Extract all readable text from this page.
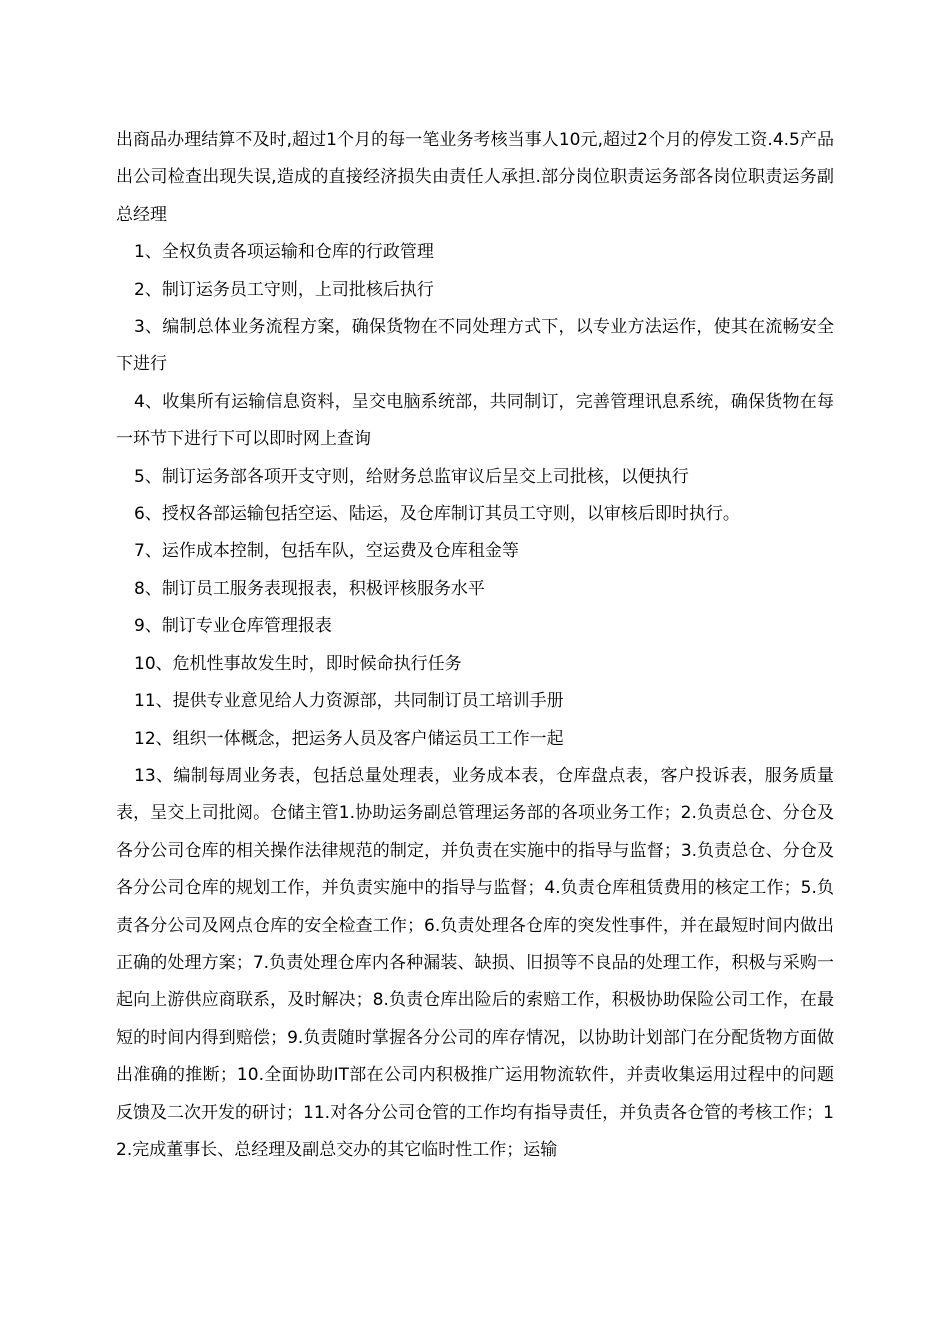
出商品办理结算不及时,超过1个月的每一笔业务考核当事人10元,超过2个月的停发工资.4.5产品出公司检查出现失误,造成的直接经济损失由责任人承担.部分岗位职责运务部各岗位职责运务副总经理

1、全权负责各项运输和仓库的行政管理

2、制订运务员工守则，上司批核后执行

3、编制总体业务流程方案，确保货物在不同处理方式下，以专业方法运作，使其在流畅安全下进行

4、收集所有运输信息资料，呈交电脑系统部，共同制订，完善管理讯息系统，确保货物在每一环节下进行下可以即时网上查询

5、制订运务部各项开支守则，给财务总监审议后呈交上司批核，以便执行

6、授权各部运输包括空运、陆运，及仓库制订其员工守则，以审核后即时执行。

7、运作成本控制，包括车队，空运费及仓库租金等

8、制订员工服务表现报表，积极评核服务水平

9、制订专业仓库管理报表

10、危机性事故发生时，即时候命执行任务

11、提供专业意见给人力资源部，共同制订员工培训手册

12、组织一体概念，把运务人员及客户储运员工工作一起

13、编制每周业务表，包括总量处理表，业务成本表，仓库盘点表，客户投诉表，服务质量表，呈交上司批阅。仓储主管1.协助运务副总管理运务部的各项业务工作；2.负责总仓、分仓及各分公司仓库的相关操作法律规范的制定，并负责在实施中的指导与监督；3.负责总仓、分仓及各分公司仓库的规划工作，并负责实施中的指导与监督；4.负责仓库租赁费用的核定工作；5.负责各分公司及网点仓库的安全检查工作；6.负责处理各仓库的突发性事件，并在最短时间内做出正确的处理方案；7.负责处理仓库内各种漏装、缺损、旧损等不良品的处理工作，积极与采购一起向上游供应商联系，及时解决；8.负责仓库出险后的索赔工作，积极协助保险公司工作，在最短的时间内得到赔偿；9.负责随时掌握各分公司的库存情况，以协助计划部门在分配货物方面做出准确的推断；10.全面协助IT部在公司内积极推广运用物流软件，并责收集运用过程中的问题反馈及二次开发的研讨；11.对各分公司仓管的工作均有指导责任，并负责各仓管的考核工作；12.完成董事长、总经理及副总交办的其它临时性工作；运输
